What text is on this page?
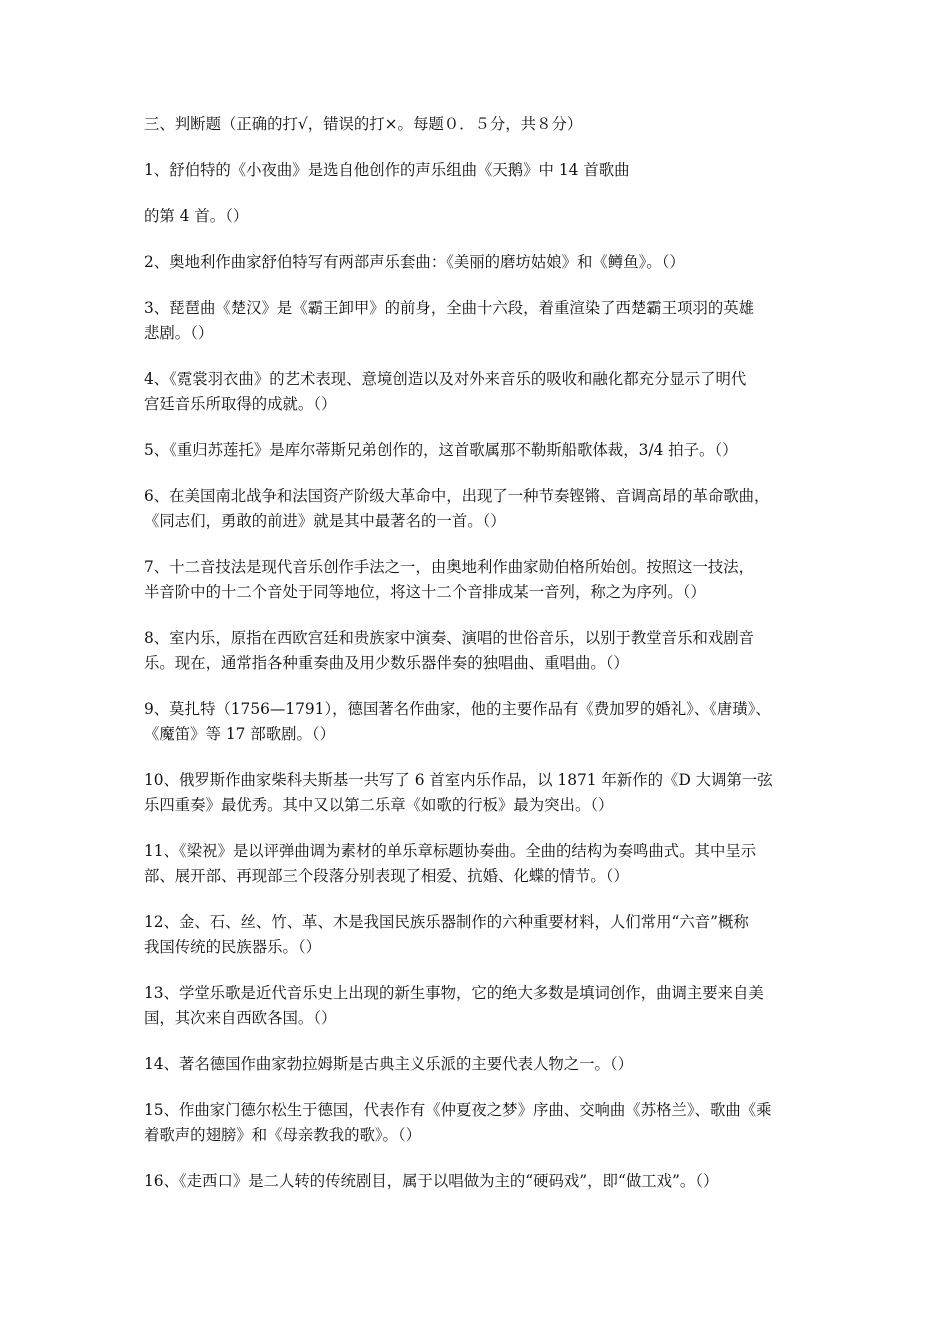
三、判断题（正确的打√，错误的打×。每题０．５分，共８分）

1、舒伯特的《小夜曲》是选自他创作的声乐组曲《天鹅》中 14 首歌曲

的第 4 首。（）

2、奥地利作曲家舒伯特写有两部声乐套曲：《美丽的磨坊姑娘》和《鳟鱼》。（）

3、琵琶曲《楚汉》是《霸王卸甲》的前身，全曲十六段，着重渲染了西楚霸王项羽的英雄

悲剧。（）

4、《霓裳羽衣曲》的艺术表现、意境创造以及对外来音乐的吸收和融化都充分显示了明代

宫廷音乐所取得的成就。（）

5、《重归苏莲托》是库尔蒂斯兄弟创作的，这首歌属那不勒斯船歌体裁，3/4 拍子。（）

6、在美国南北战争和法国资产阶级大革命中，出现了一种节奏铿锵、音调高昂的革命歌曲，

《同志们，勇敢的前进》就是其中最著名的一首。（）

7、十二音技法是现代音乐创作手法之一，由奥地利作曲家勋伯格所始创。按照这一技法，

半音阶中的十二个音处于同等地位，将这十二个音排成某一音列，称之为序列。（）

8、室内乐，原指在西欧宫廷和贵族家中演奏、演唱的世俗音乐，以别于教堂音乐和戏剧音

乐。现在，通常指各种重奏曲及用少数乐器伴奏的独唱曲、重唱曲。（）

9、莫扎特（1756—1791），德国著名作曲家，他的主要作品有《费加罗的婚礼》、《唐璜》、

《魔笛》等 17 部歌剧。（）

10、俄罗斯作曲家柴科夫斯基一共写了 6 首室内乐作品，以 1871 年新作的《D 大调第一弦

乐四重奏》最优秀。其中又以第二乐章《如歌的行板》最为突出。（）

11、《梁祝》是以评弹曲调为素材的单乐章标题协奏曲。全曲的结构为奏鸣曲式。其中呈示

部、展开部、再现部三个段落分别表现了相爱、抗婚、化蝶的情节。（）

12、金、石、丝、竹、革、木是我国民族乐器制作的六种重要材料，人们常用“六音”概称

我国传统的民族器乐。（）

13、学堂乐歌是近代音乐史上出现的新生事物，它的绝大多数是填词创作，曲调主要来自美

国，其次来自西欧各国。（）

14、著名德国作曲家勃拉姆斯是古典主义乐派的主要代表人物之一。（）

15、作曲家门德尔松生于德国，代表作有《仲夏夜之梦》序曲、交响曲《苏格兰》、歌曲《乘

着歌声的翅膀》和《母亲教我的歌》。（）

16、《走西口》是二人转的传统剧目，属于以唱做为主的“硬码戏”，即“做工戏”。（）
